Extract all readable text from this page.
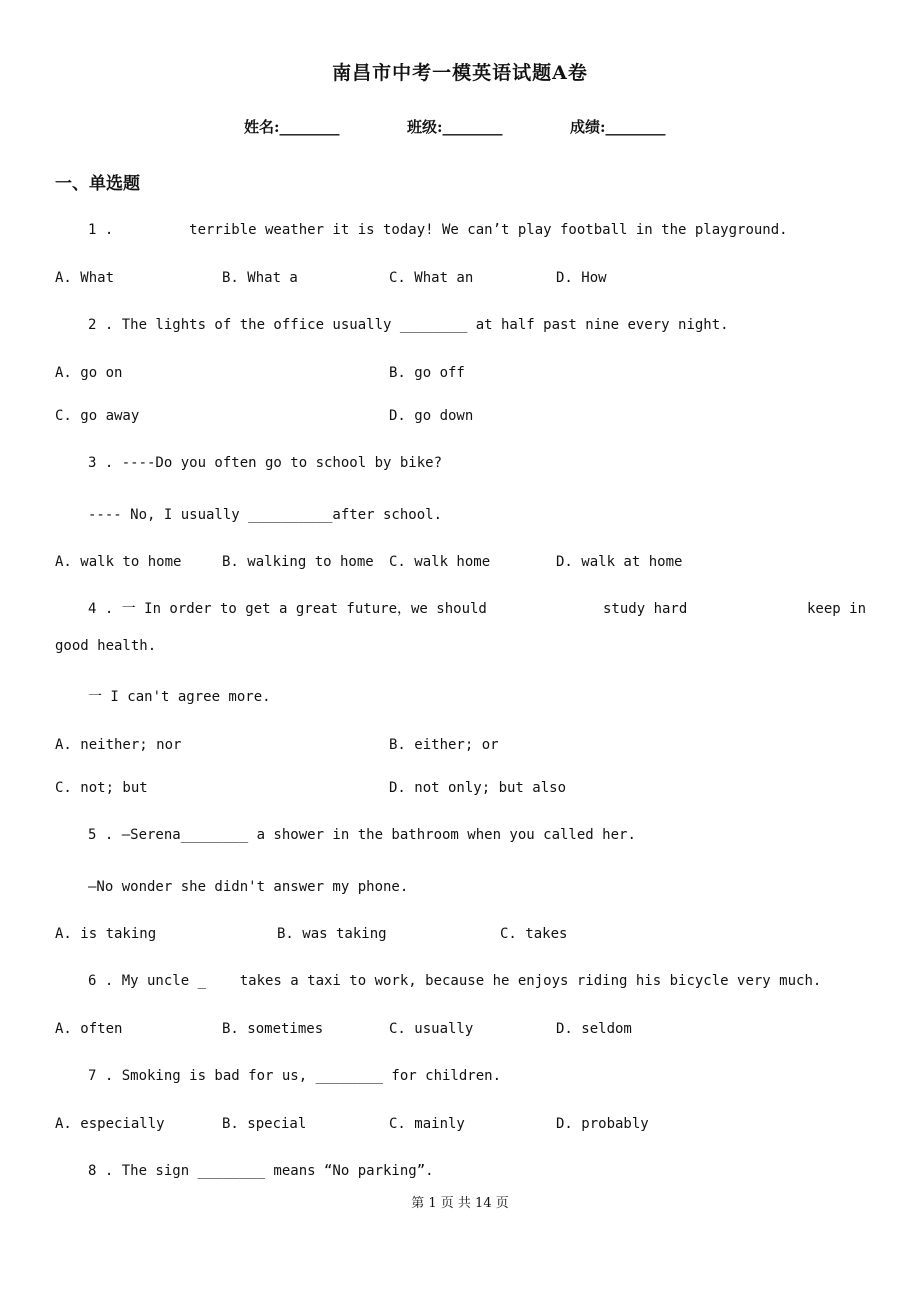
南昌市中考一模英语试题A卷
姓名:________	班级:________	成绩:________
一、单选题
1 .         terrible weather it is today! We can’t play football in the playground.
A. What	B. What a	C. What an	D. How
2 . The lights of the office usually ________ at half past nine every night.
A. go on	B. go off
C. go away	D. go down
3 . ----Do you often go to school by bike?
---- No, I usually __________after school.
A. walk to home	B. walking to home C. walk home	D. walk at home
4 . 一 In order to get a great future，we should	study hard	keep in
good health.
一 I can't agree more.
A. neither; nor	B. either; or
C. not; but	D. not only; but also
5 . —Serena________ a shower in the bathroom when you called her.
—No wonder she didn't answer my phone.
A. is taking	B. was taking	C. takes
6 . My uncle _    takes a taxi to work, because he enjoys riding his bicycle very much.
A. often	B. sometimes	C. usually	D. seldom
7 . Smoking is bad for us, ________ for children.
A. especially	B. special	C. mainly	D. probably
8 . The sign ________ means “No parking”.
第 1 页 共 14 页
